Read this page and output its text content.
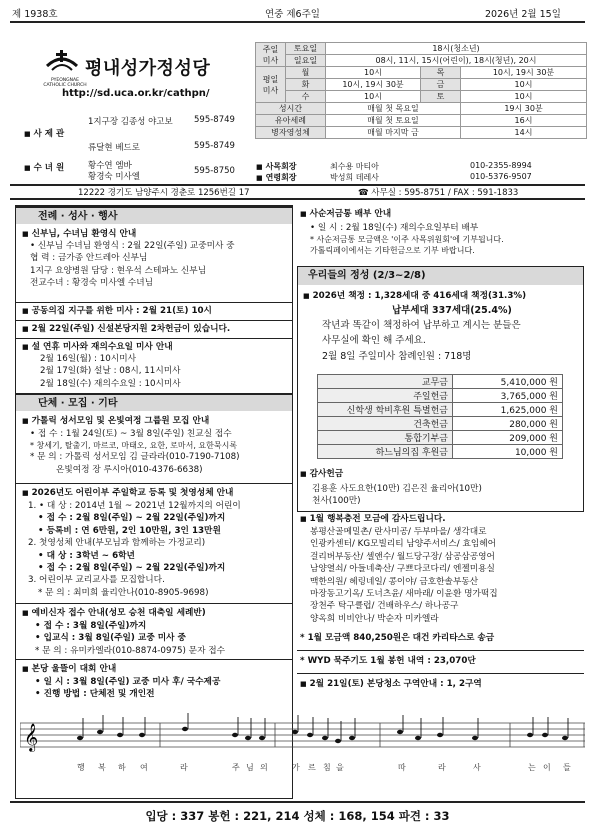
제 1938호	연중 제6주일	2026년 2월 15일
PYEONGNAE CATHOLIC CHURCH
평내성가정성당
http://sd.uca.or.kr/cathpn/
1지구장 김종성 야고보	595-8749
■ 사 제 관
류달현 베드로	595-8749
■ 수 녀 원	황수연 엠바	595-8750
황경숙 미사엘
주일
미사	토요일	18시(청소년)		
	일요일	08시, 11시, 15시(어린이), 18시(청년), 20시		
평일
미사	월	10시	목	10시, 19시 30분
	화	10시, 19시 30분	금	10시
	수	10시	토	10시
성시간		매월 첫 목요일		19시 30분
유아세례		매월 첫 토요일		16시
병자영성체		매월 마지막 금		14시
■ 사목회장	최수용 마티아	010-2355-8994
■ 연령회장	박성희 데레사	010-5376-9507
12222 경기도 남양주시 경춘로 1256번길 17	☎ 사무실 : 595-8751 / FAX : 591-1833
전례 · 성사 · 행사
■ 신부님, 수녀님 환영식 안내
• 신부님 수녀님 환영식 : 2월 22일(주일) 교중미사 중
협 력 : 금가종 안드레아 신부님
1지구 요양병원 담당 : 현우석 스테파노 신부님
전교수녀 : 황경숙 미사엘 수녀님
■ 공동의집 지구를 위한 미사 : 2월 21(토) 10시
■ 2월 22일(주일) 신설본당지원 2차헌금이 있습니다.
■ 설 연휴 미사와 재의수요일 미사 안내
2월 16일(월) : 10시미사
2월 17일(화) 설날 : 08시, 11시미사
2월 18일(수) 재의수요일 : 10시미사
단체 · 모집 · 기타
■ 가톨릭 성서모임 및 온빛여정 그룹원 모집 안내
• 접 수 : 1월 24일(토) ~ 3월 8일(주일) 친교실 접수
* 창세기, 탈출기, 마르코, 마태오, 요한, 로마서, 요한묵시록
* 문 의 : 가톨릭 성서모임 김 글라라(010-7190-7108)
온빛여정 장 루시아(010-4376-6638)
■ 2026년도 어린이부 주일학교 등록 및 첫영성체 안내
1. • 대 상 : 2014년 1월 ~ 2021년 12월까지의 어린이
• 접 수 : 2월 8일(주일) ~ 2월 22일(주일)까지
• 등록비 : 연 6만원, 2인 10만원, 3인 13만원
2. 첫영성체 안내(부모님과 함께하는 가정교리)
• 대 상 : 3학년 ~ 6학년
• 접 수 : 2월 8일(주일) ~ 2월 22일(주일)까지
3. 어린이부 교리교사를 모집합니다.
* 문 의 : 최미희 율리안나(010-8905-9698)
■ 예비신자 접수 안내(성모 승천 대축일 세례반)
• 접 수 : 3월 8일(주일)까지
• 입교식 : 3월 8일(주일) 교중 미사 중
* 문 의 : 유미카엘라(010-8874-0975) 문자 접수
■ 본당 울뜰이 대회 안내
• 일 시 : 3월 8일(주일) 교중 미사 후/ 국수제공
• 진행 방법 : 단체전 및 개인전
𝄞
행 복 하 여	라	주 님 의	가 르 침 을	따	라	사	는 이 들
■ 사순저금통 배부 안내
• 일 시 : 2월 18일(수) 재의수요일부터 배부
* 사순저금통 모금액은 '이주 사목위원회'에 기부됩니다.
가톨릭페이에서는 기타헌금으로 기부 바랍니다.
우리들의 정성 (2/3~2/8)
■ 2026년 책정 : 1,328세대 중 416세대 책정(31.3%)
납부세대 337세대(25.4%)
작년과 똑같이 책정하여 납부하고 계시는 분들은
사무실에 확인 해 주세요.
2월 8일 주일미사 참례인원 : 718명
교무금	5,410,000 원
주일헌금	3,765,000 원
신학생 학비후원 특별헌금	1,625,000 원
건축헌금	280,000 원
통합기부금	209,000 원
하느님의집 후원금	10,000 원
■ 감사헌금
김용훈 사도요한(10만) 김은진 율리아(10만)
천사(100만)
■ 1월 행복충전 모금에 감사드립니다.
봉평산골메밀촌/ 란사미공/ 두부마을/ 생각대로
인광카센터/ KG모빌리티 남양주서비스/ 효임헤어
걸리버부동산/ 셀앤수/ 월드당구장/ 삼공삼공영어
남양열쇠/ 아들네축산/ 구쁘다코다리/ 엔젤미용실
맥한의원/ 헤링네일/ 콩이야/ 금호한솔부동산
마장동고기옥/ 도너츠윤/ 새마래/ 이윤환 명가떡집
장천주 탁구클럽/ 건배하우스/ 하나공구
양옥희 비비안나/ 박순자 미카엘라
* 1월 모금액 840,250원은 대건 카리타스로 송금
* WYD 묵주기도 1월 봉헌 내역 : 23,070단
■ 2월 21일(토) 본당청소 구역안내 : 1, 2구역
입당 : 337 봉헌 : 221, 214 성체 : 168, 154 파견 : 33
